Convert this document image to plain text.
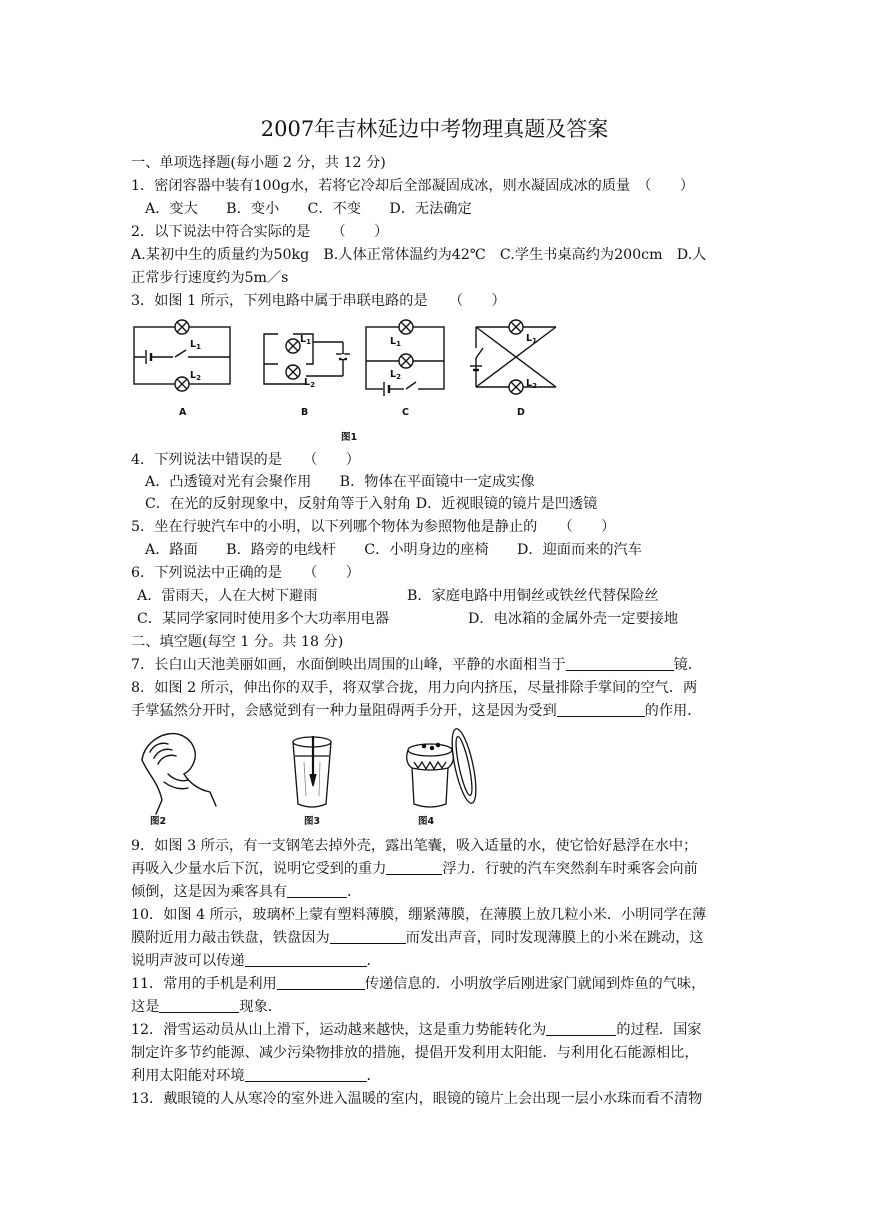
2007年吉林延边中考物理真题及答案
一、单项选择题(每小题 2 分，共 12 分)
1．密闭容器中装有100g水，若将它冷却后全部凝固成冰，则水凝固成冰的质量　（　　）
A．变大　　B．变小　　C．不变　　D．无法确定
2．以下说法中符合实际的是　　（　　）
A.某初中生的质量约为50kg　B.人体正常体温约为42℃　C.学生书桌高约为200cm　D.人
正常步行速度约为5m／s
3．如图 1 所示，下列电路中属于串联电路的是　　（　　）
$L_1$
$L_2$
$L_1$
$L_2$
$L_1$
$L_2$
$L_1$
$L_2$
A	B	C	D
图1
4．下列说法中错误的是　　（　　）
A．凸透镜对光有会聚作用　　B．物体在平面镜中一定成实像
C．在光的反射现象中，反射角等于入射角 D．近视眼镜的镜片是凹透镜
5．坐在行驶汽车中的小明，以下列哪个物体为参照物他是静止的　　（　　）
A．路面　　B．路旁的电线杆　　C．小明身边的座椅　　D．迎面而来的汽车
6．下列说法中正确的是　　（　　）
A．雷雨天，人在大树下避雨	B．家庭电路中用铜丝或铁丝代替保险丝
C．某同学家同时使用多个大功率用电器	D．电冰箱的金属外壳一定要接地
二、填空题(每空 1 分。共 18 分)
7．长白山天池美丽如画，水面倒映出周围的山峰，平静的水面相当于	镜．
8．如图 2 所示，伸出你的双手，将双掌合拢，用力向内挤压，尽量排除手掌间的空气．两
手掌猛然分开时，会感觉到有一种力量阻碍两手分开，这是因为受到	的作用．
图2	图3	图4
9．如图 3 所示，有一支钢笔去掉外壳，露出笔囊，吸入适量的水，使它恰好悬浮在水中；
再吸入少量水后下沉，说明它受到的重力	浮力．行驶的汽车突然刹车时乘客会向前
倾倒，这是因为乘客具有	．
10．如图 4 所示，玻璃杯上蒙有塑料薄膜，绷紧薄膜，在薄膜上放几粒小米．小明同学在薄
膜附近用力敲击铁盘，铁盘因为	而发出声音，同时发现薄膜上的小米在跳动，这
说明声波可以传递	．
11．常用的手机是利用	传递信息的．小明放学后刚进家门就闻到炸鱼的气味，
这是	现象．
12．滑雪运动员从山上滑下，运动越来越快，这是重力势能转化为	的过程．国家
制定许多节约能源、减少污染物排放的措施，提倡开发利用太阳能．与利用化石能源相比，
利用太阳能对环境	．
13．戴眼镜的人从寒冷的室外进入温暖的室内，眼镜的镜片上会出现一层小水珠而看不清物
